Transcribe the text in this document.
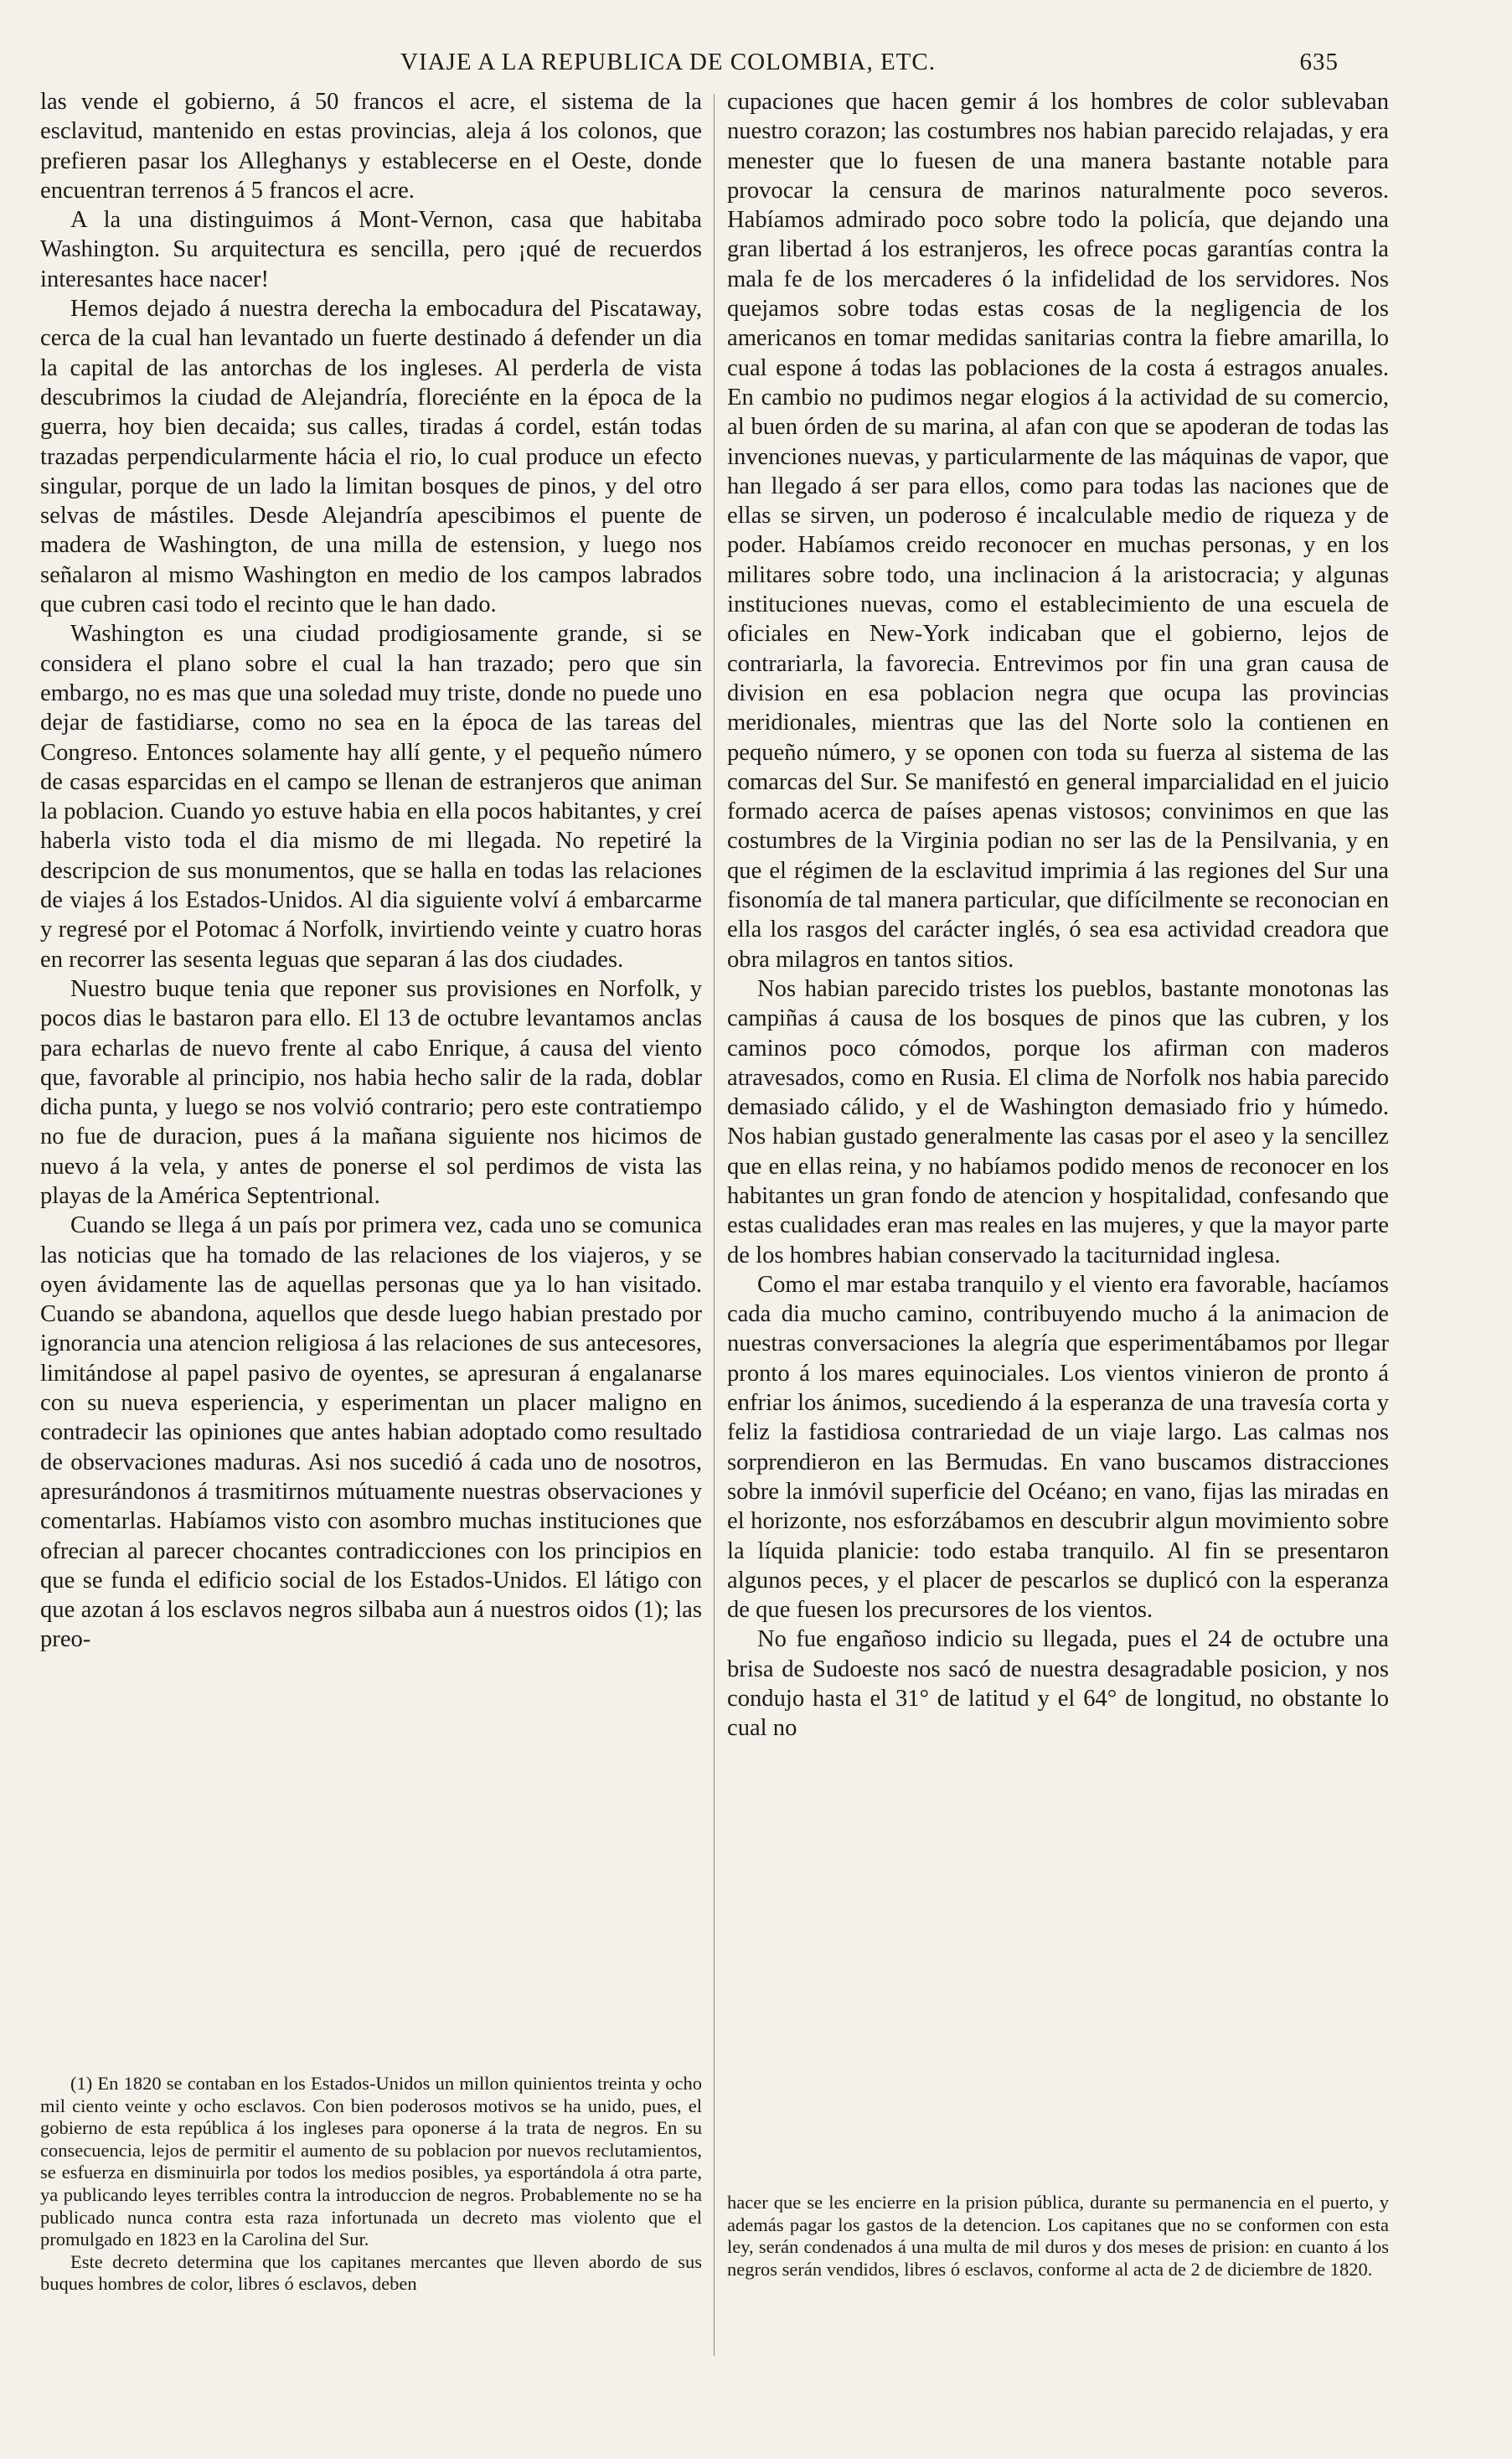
VIAJE A LA REPUBLICA DE COLOMBIA, ETC.	635

las vende el gobierno, á 50 francos el acre, el sistema de la esclavitud, mantenido en estas provincias, aleja á los colonos, que prefieren pasar los Alleghanys y establecerse en el Oeste, donde encuentran terrenos á 5 francos el acre.

A la una distinguimos á Mont-Vernon, casa que habitaba Washington. Su arquitectura es sencilla, pero ¡qué de recuerdos interesantes hace nacer!

Hemos dejado á nuestra derecha la embocadura del Piscataway, cerca de la cual han levantado un fuerte destinado á defender un dia la capital de las antorchas de los ingleses. Al perderla de vista descubrimos la ciudad de Alejandría, floreciénte en la época de la guerra, hoy bien decaida; sus calles, tiradas á cordel, están todas trazadas perpendicularmente hácia el rio, lo cual produce un efecto singular, porque de un lado la limitan bosques de pinos, y del otro selvas de mástiles. Desde Alejandría apescibimos el puente de madera de Washington, de una milla de estension, y luego nos señalaron al mismo Washington en medio de los campos labrados que cubren casi todo el recinto que le han dado.

Washington es una ciudad prodigiosamente grande, si se considera el plano sobre el cual la han trazado; pero que sin embargo, no es mas que una soledad muy triste, donde no puede uno dejar de fastidiarse, como no sea en la época de las tareas del Congreso. Entonces solamente hay allí gente, y el pequeño número de casas esparcidas en el campo se llenan de estranjeros que animan la poblacion. Cuando yo estuve habia en ella pocos habitantes, y creí haberla visto toda el dia mismo de mi llegada. No repetiré la descripcion de sus monumentos, que se halla en todas las relaciones de viajes á los Estados-Unidos. Al dia siguiente volví á embarcarme y regresé por el Potomac á Norfolk, invirtiendo veinte y cuatro horas en recorrer las sesenta leguas que separan á las dos ciudades.

Nuestro buque tenia que reponer sus provisiones en Norfolk, y pocos dias le bastaron para ello. El 13 de octubre levantamos anclas para echarlas de nuevo frente al cabo Enrique, á causa del viento que, favorable al principio, nos habia hecho salir de la rada, doblar dicha punta, y luego se nos volvió contrario; pero este contratiempo no fue de duracion, pues á la mañana siguiente nos hicimos de nuevo á la vela, y antes de ponerse el sol perdimos de vista las playas de la América Septentrional.

Cuando se llega á un país por primera vez, cada uno se comunica las noticias que ha tomado de las relaciones de los viajeros, y se oyen ávidamente las de aquellas personas que ya lo han visitado. Cuando se abandona, aquellos que desde luego habian prestado por ignorancia una atencion religiosa á las relaciones de sus antecesores, limitándose al papel pasivo de oyentes, se apresuran á engalanarse con su nueva esperiencia, y esperimentan un placer maligno en contradecir las opiniones que antes habian adoptado como resultado de observaciones maduras. Asi nos sucedió á cada uno de nosotros, apresurándonos á trasmitirnos mútuamente nuestras observaciones y comentarlas. Habíamos visto con asombro muchas instituciones que ofrecian al parecer chocantes contradicciones con los principios en que se funda el edificio social de los Estados-Unidos. El látigo con que azotan á los esclavos negros silbaba aun á nuestros oidos (1); las preo-

cupaciones que hacen gemir á los hombres de color sublevaban nuestro corazon; las costumbres nos habian parecido relajadas, y era menester que lo fuesen de una manera bastante notable para provocar la censura de marinos naturalmente poco severos. Habíamos admirado poco sobre todo la policía, que dejando una gran libertad á los estranjeros, les ofrece pocas garantías contra la mala fe de los mercaderes ó la infidelidad de los servidores. Nos quejamos sobre todas estas cosas de la negligencia de los americanos en tomar medidas sanitarias contra la fiebre amarilla, lo cual espone á todas las poblaciones de la costa á estragos anuales. En cambio no pudimos negar elogios á la actividad de su comercio, al buen órden de su marina, al afan con que se apoderan de todas las invenciones nuevas, y particularmente de las máquinas de vapor, que han llegado á ser para ellos, como para todas las naciones que de ellas se sirven, un poderoso é incalculable medio de riqueza y de poder. Habíamos creido reconocer en muchas personas, y en los militares sobre todo, una inclinacion á la aristocracia; y algunas instituciones nuevas, como el establecimiento de una escuela de oficiales en New-York indicaban que el gobierno, lejos de contrariarla, la favorecia. Entrevimos por fin una gran causa de division en esa poblacion negra que ocupa las provincias meridionales, mientras que las del Norte solo la contienen en pequeño número, y se oponen con toda su fuerza al sistema de las comarcas del Sur. Se manifestó en general imparcialidad en el juicio formado acerca de países apenas vistosos; convinimos en que las costumbres de la Virginia podian no ser las de la Pensilvania, y en que el régimen de la esclavitud imprimia á las regiones del Sur una fisonomía de tal manera particular, que difícilmente se reconocian en ella los rasgos del carácter inglés, ó sea esa actividad creadora que obra milagros en tantos sitios.

Nos habian parecido tristes los pueblos, bastante monotonas las campiñas á causa de los bosques de pinos que las cubren, y los caminos poco cómodos, porque los afirman con maderos atravesados, como en Rusia. El clima de Norfolk nos habia parecido demasiado cálido, y el de Washington demasiado frio y húmedo. Nos habian gustado generalmente las casas por el aseo y la sencillez que en ellas reina, y no habíamos podido menos de reconocer en los habitantes un gran fondo de atencion y hospitalidad, confesando que estas cualidades eran mas reales en las mujeres, y que la mayor parte de los hombres habian conservado la taciturnidad inglesa.

Como el mar estaba tranquilo y el viento era favorable, hacíamos cada dia mucho camino, contribuyendo mucho á la animacion de nuestras conversaciones la alegría que esperimentábamos por llegar pronto á los mares equinociales. Los vientos vinieron de pronto á enfriar los ánimos, sucediendo á la esperanza de una travesía corta y feliz la fastidiosa contrariedad de un viaje largo. Las calmas nos sorprendieron en las Bermudas. En vano buscamos distracciones sobre la inmóvil superficie del Océano; en vano, fijas las miradas en el horizonte, nos esforzábamos en descubrir algun movimiento sobre la líquida planicie: todo estaba tranquilo. Al fin se presentaron algunos peces, y el placer de pescarlos se duplicó con la esperanza de que fuesen los precursores de los vientos.

No fue engañoso indicio su llegada, pues el 24 de octubre una brisa de Sudoeste nos sacó de nuestra desagradable posicion, y nos condujo hasta el 31° de latitud y el 64° de longitud, no obstante lo cual no

(1) En 1820 se contaban en los Estados-Unidos un millon quinientos treinta y ocho mil ciento veinte y ocho esclavos. Con bien poderosos motivos se ha unido, pues, el gobierno de esta república á los ingleses para oponerse á la trata de negros. En su consecuencia, lejos de permitir el aumento de su poblacion por nuevos reclutamientos, se esfuerza en disminuirla por todos los medios posibles, ya esportándola á otra parte, ya publicando leyes terribles contra la introduccion de negros. Probablemente no se ha publicado nunca contra esta raza infortunada un decreto mas violento que el promulgado en 1823 en la Carolina del Sur.

Este decreto determina que los capitanes mercantes que lleven abordo de sus buques hombres de color, libres ó esclavos, deben

hacer que se les encierre en la prision pública, durante su permanencia en el puerto, y además pagar los gastos de la detencion. Los capitanes que no se conformen con esta ley, serán condenados á una multa de mil duros y dos meses de prision: en cuanto á los negros serán vendidos, libres ó esclavos, conforme al acta de 2 de diciembre de 1820.
